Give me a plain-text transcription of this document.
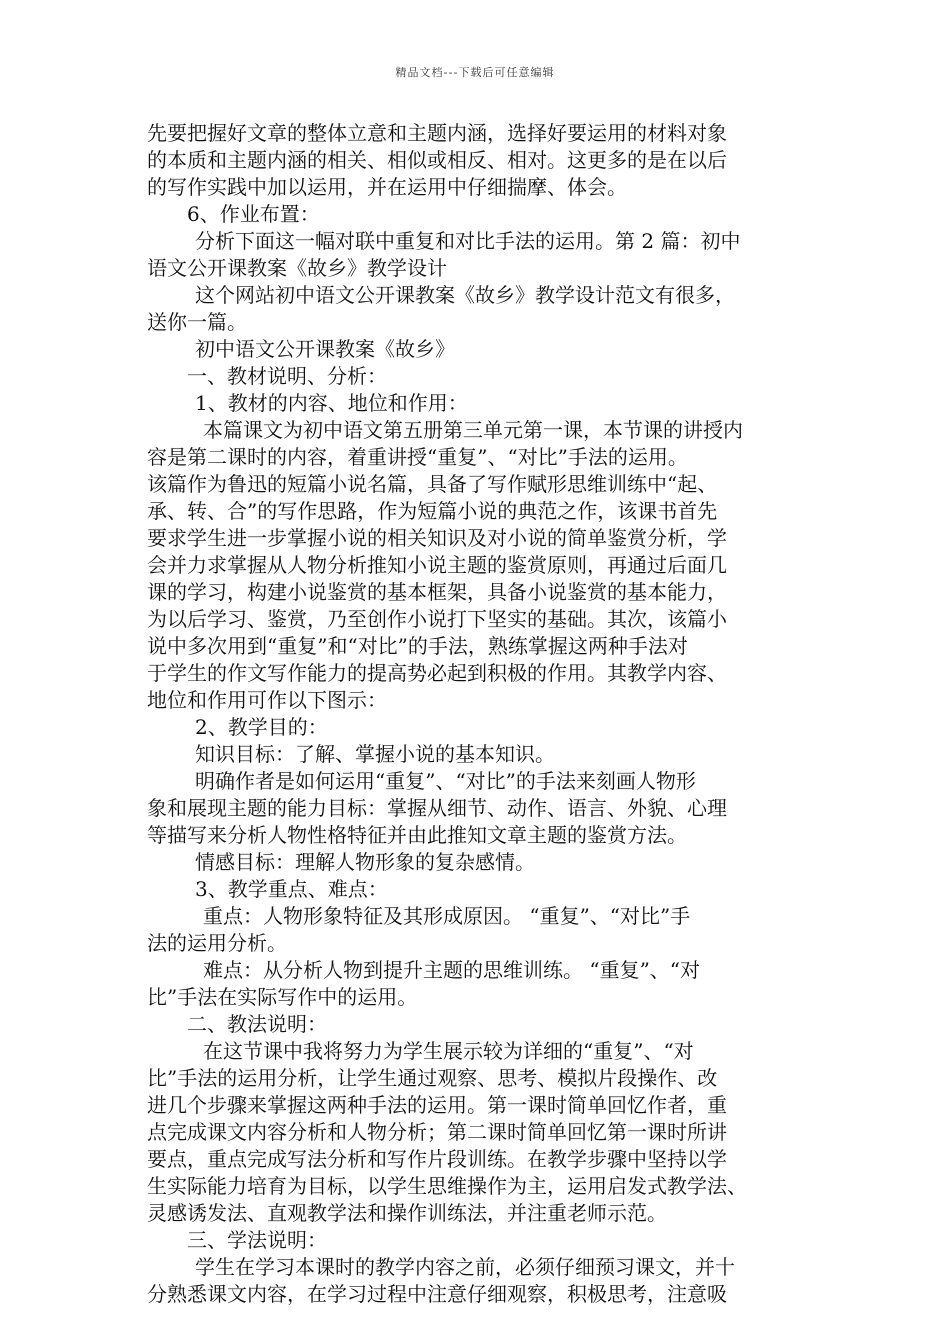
精品文档---下载后可任意编辑

先要把握好文章的整体立意和主题内涵，选择好要运用的材料对象
的本质和主题内涵的相关、相似或相反、相对。这更多的是在以后
的写作实践中加以运用，并在运用中仔细揣摩、体会。

6、作业布置：

分析下面这一幅对联中重复和对比手法的运用。第 2 篇：初中
语文公开课教案《故乡》教学设计

这个网站初中语文公开课教案《故乡》教学设计范文有很多，
送你一篇。

初中语文公开课教案《故乡》

一、教材说明、分析：

1、教材的内容、地位和作用：

本篇课文为初中语文第五册第三单元第一课，本节课的讲授内
容是第二课时的内容，着重讲授“重复”、“对比”手法的运用。
该篇作为鲁迅的短篇小说名篇，具备了写作赋形思维训练中“起、
承、转、合”的写作思路，作为短篇小说的典范之作，该课书首先
要求学生进一步掌握小说的相关知识及对小说的简单鉴赏分析，学
会并力求掌握从人物分析推知小说主题的鉴赏原则，再通过后面几
课的学习，构建小说鉴赏的基本框架，具备小说鉴赏的基本能力，
为以后学习、鉴赏，乃至创作小说打下坚实的基础。其次，该篇小
说中多次用到“重复”和“对比”的手法，熟练掌握这两种手法对
于学生的作文写作能力的提高势必起到积极的作用。其教学内容、
地位和作用可作以下图示：

2、教学目的：

知识目标：了解、掌握小说的基本知识。

明确作者是如何运用“重复”、“对比”的手法来刻画人物形
象和展现主题的能力目标：掌握从细节、动作、语言、外貌、心理
等描写来分析人物性格特征并由此推知文章主题的鉴赏方法。

情感目标：理解人物形象的复杂感情。

3、教学重点、难点：

重点：人物形象特征及其形成原因。 “重复”、“对比”手
法的运用分析。

难点：从分析人物到提升主题的思维训练。 “重复”、“对
比”手法在实际写作中的运用。

二、教法说明：

在这节课中我将努力为学生展示较为详细的“重复”、“对
比”手法的运用分析，让学生通过观察、思考、模拟片段操作、改
进几个步骤来掌握这两种手法的运用。第一课时简单回忆作者，重
点完成课文内容分析和人物分析；第二课时简单回忆第一课时所讲
要点，重点完成写法分析和写作片段训练。在教学步骤中坚持以学
生实际能力培育为目标，以学生思维操作为主，运用启发式教学法、
灵感诱发法、直观教学法和操作训练法，并注重老师示范。

三、学法说明：

学生在学习本课时的教学内容之前，必须仔细预习课文，并十
分熟悉课文内容，在学习过程中注意仔细观察，积极思考，注意吸
